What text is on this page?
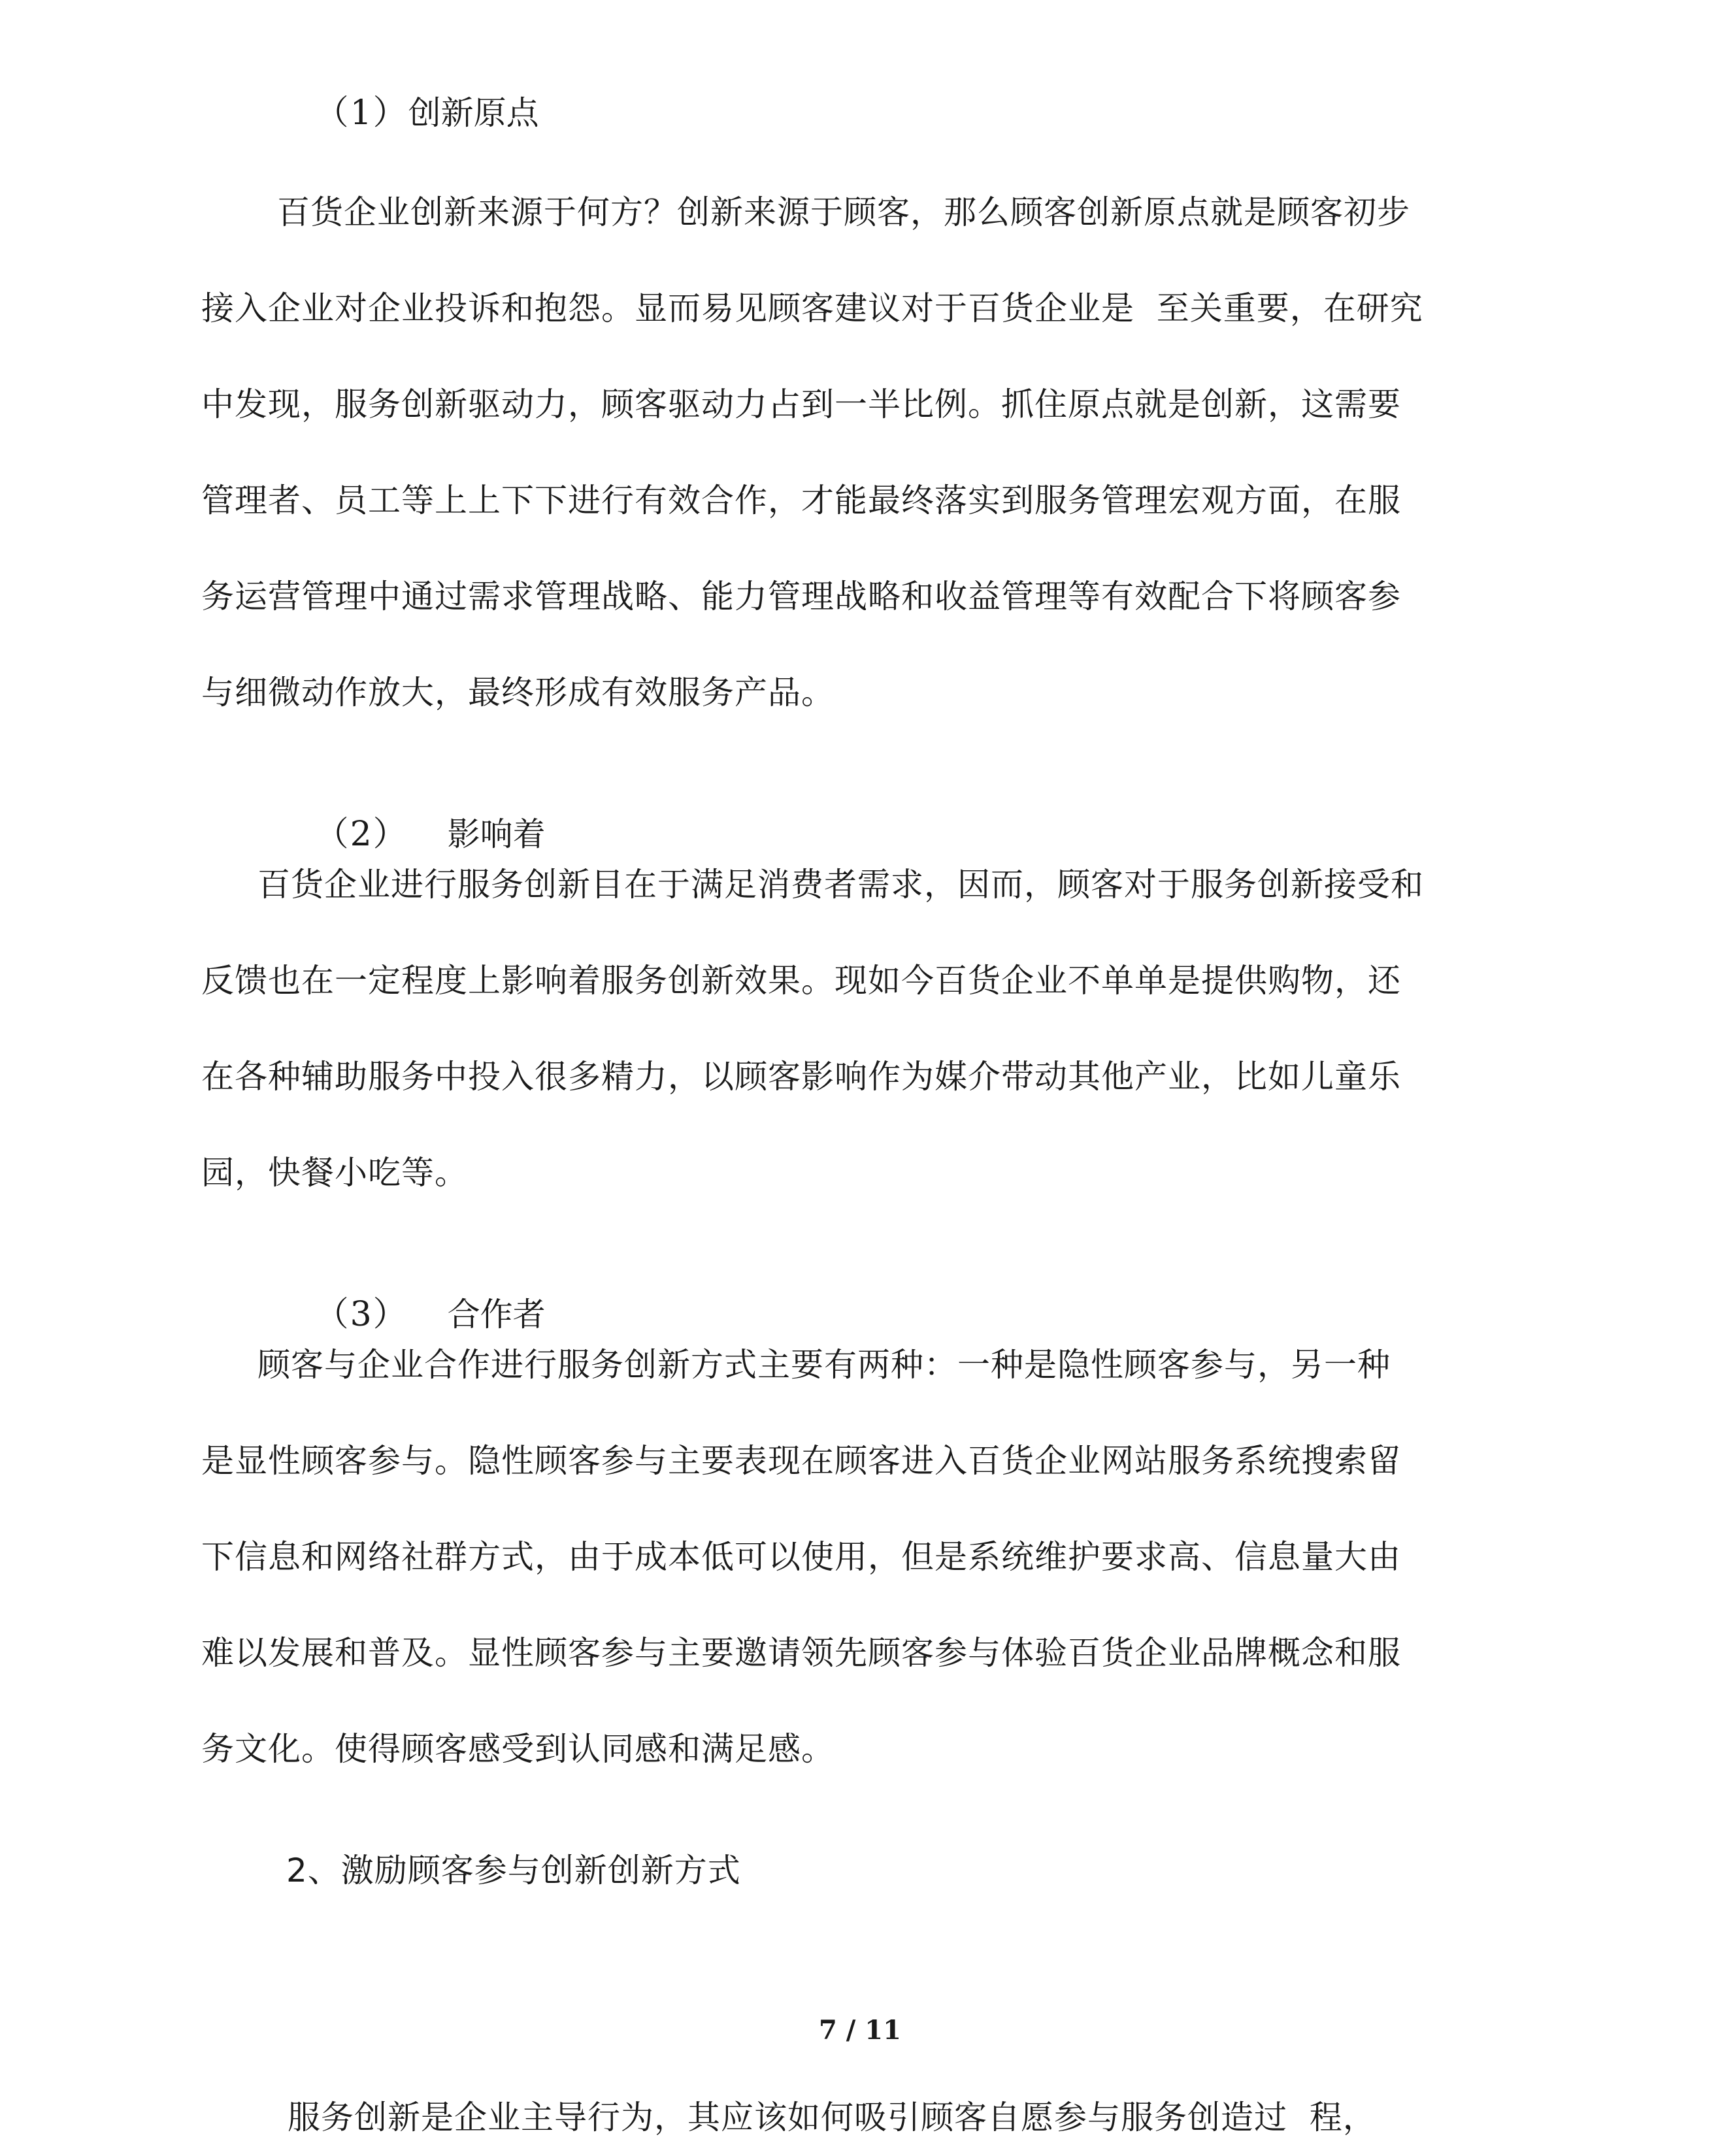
（1）创新原点

百货企业创新来源于何方？创新来源于顾客，那么顾客创新原点就是顾客初步
接入企业对企业投诉和抱怨。显而易见顾客建议对于百货企业是  至关重要，在研究
中发现，服务创新驱动力，顾客驱动力占到一半比例。抓住原点就是创新，这需要
管理者、员工等上上下下进行有效合作，才能最终落实到服务管理宏观方面，在服
务运营管理中通过需求管理战略、能力管理战略和收益管理等有效配合下将顾客参
与细微动作放大，最终形成有效服务产品。

（2） 影响着

百货企业进行服务创新目在于满足消费者需求，因而，顾客对于服务创新接受和
反馈也在一定程度上影响着服务创新效果。现如今百货企业不单单是提供购物，还
在各种辅助服务中投入很多精力，以顾客影响作为媒介带动其他产业，比如儿童乐
园，快餐小吃等。

（3） 合作者

顾客与企业合作进行服务创新方式主要有两种：一种是隐性顾客参与，另一种
是显性顾客参与。隐性顾客参与主要表现在顾客进入百货企业网站服务系统搜索留
下信息和网络社群方式，由于成本低可以使用，但是系统维护要求高、信息量大由
难以发展和普及。显性顾客参与主要邀请领先顾客参与体验百货企业品牌概念和服
务文化。使得顾客感受到认同感和满足感。
2、激励顾客参与创新创新方式
7 / 11
服务创新是企业主导行为，其应该如何吸引顾客自愿参与服务创造过  程，
